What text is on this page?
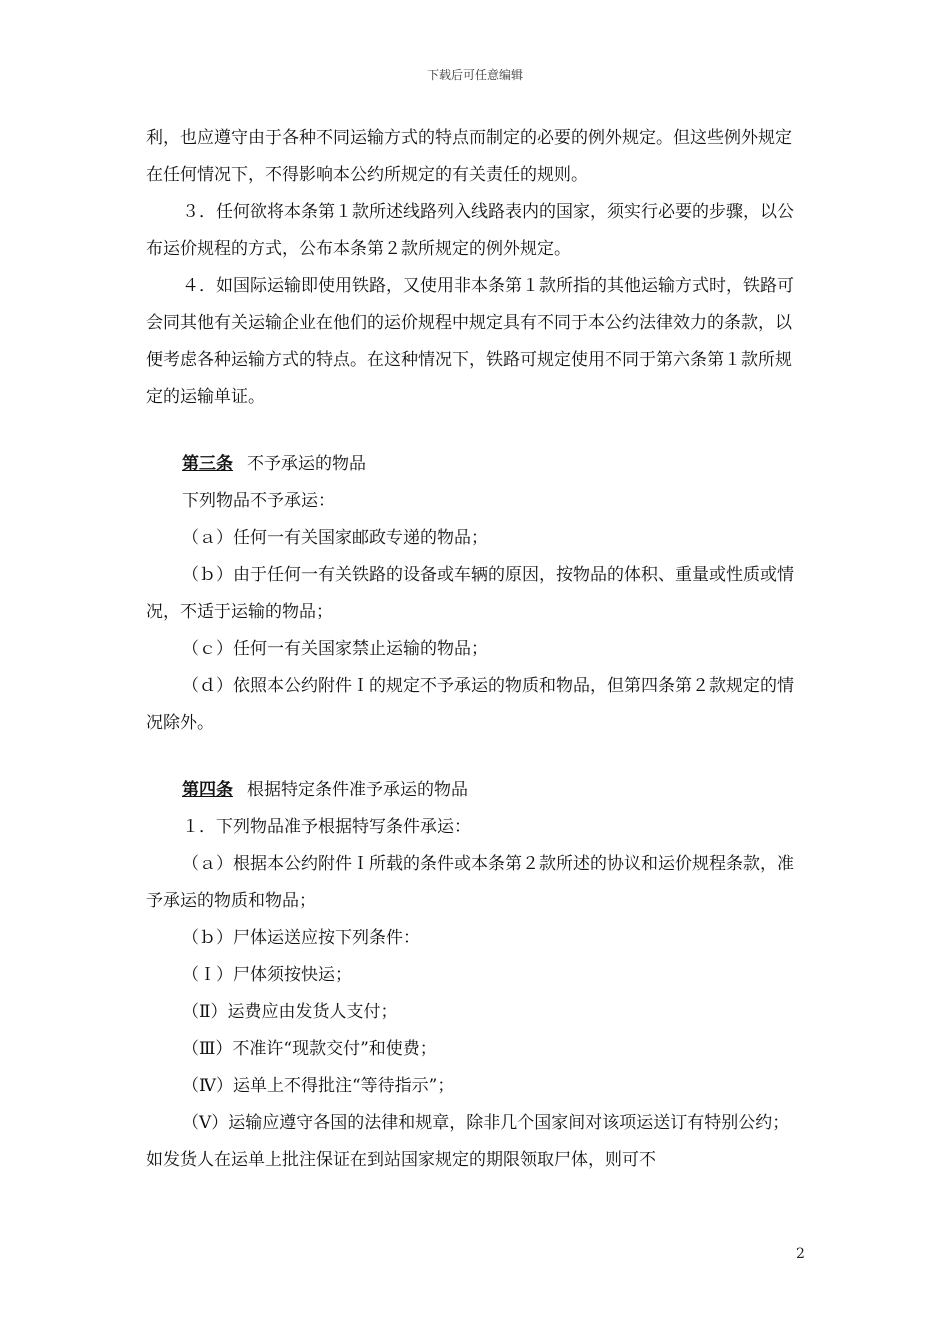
下载后可任意编辑

利，也应遵守由于各种不同运输方式的特点而制定的必要的例外规定。但这些例外规定在任何情况下，不得影响本公约所规定的有关责任的规则。

３．任何欲将本条第１款所述线路列入线路表内的国家，须实行必要的步骤，以公布运价规程的方式，公布本条第２款所规定的例外规定。

４．如国际运输即使用铁路，又使用非本条第１款所指的其他运输方式时，铁路可会同其他有关运输企业在他们的运价规程中规定具有不同于本公约法律效力的条款，以便考虑各种运输方式的特点。在这种情况下，铁路可规定使用不同于第六条第１款所规定的运输单证。

第三条 不予承运的物品

下列物品不予承运：

（ａ）任何一有关国家邮政专递的物品；

（ｂ）由于任何一有关铁路的设备或车辆的原因，按物品的体积、重量或性质或情况，不适于运输的物品；

（ｃ）任何一有关国家禁止运输的物品；

（ｄ）依照本公约附件Ｉ的规定不予承运的物质和物品，但第四条第２款规定的情况除外。

第四条 根据特定条件准予承运的物品

１．下列物品准予根据特写条件承运：

（ａ）根据本公约附件Ｉ所载的条件或本条第２款所述的协议和运价规程条款，准予承运的物质和物品；

（ｂ）尸体运送应按下列条件：

（Ｉ）尸体须按快运；

（Ⅱ）运费应由发货人支付；

（Ⅲ）不准许“现款交付”和使费；

（Ⅳ）运单上不得批注“等待指示”；

（Ⅴ）运输应遵守各国的法律和规章，除非几个国家间对该项运送订有特别公约；如发货人在运单上批注保证在到站国家规定的期限领取尸体，则可不

2
